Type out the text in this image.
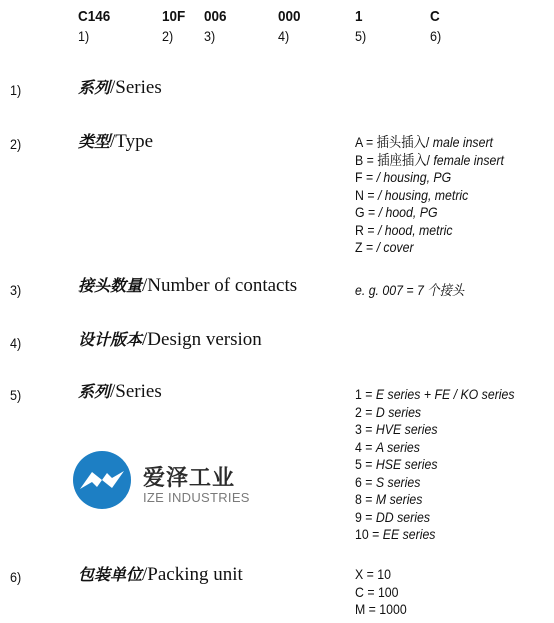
C146	10F 006	000	1	C
1)	2) 3)	4)	5)	6)
1)	系列/Series
2)	类型/Type	A = 插头插入/ male insert
B = 插座插入/ female insert
F = / housing, PG
N = / housing, metric
G = / hood, PG
R = / hood, metric
Z = / cover
3)	接头数量/Number of contacts	e. g. 007 = 7 个接头
4)	设计版本/Design version
5)	系列/Series	1 = E series + FE / KO series
2 = D series
3 = HVE series
4 = A series
5 = HSE series
6 = S series
8 = M series
9 = DD series
10 = EE series
爱泽工业
IZE INDUSTRIES
6)	包装单位/Packing unit	X = 10
C = 100
M = 1000
